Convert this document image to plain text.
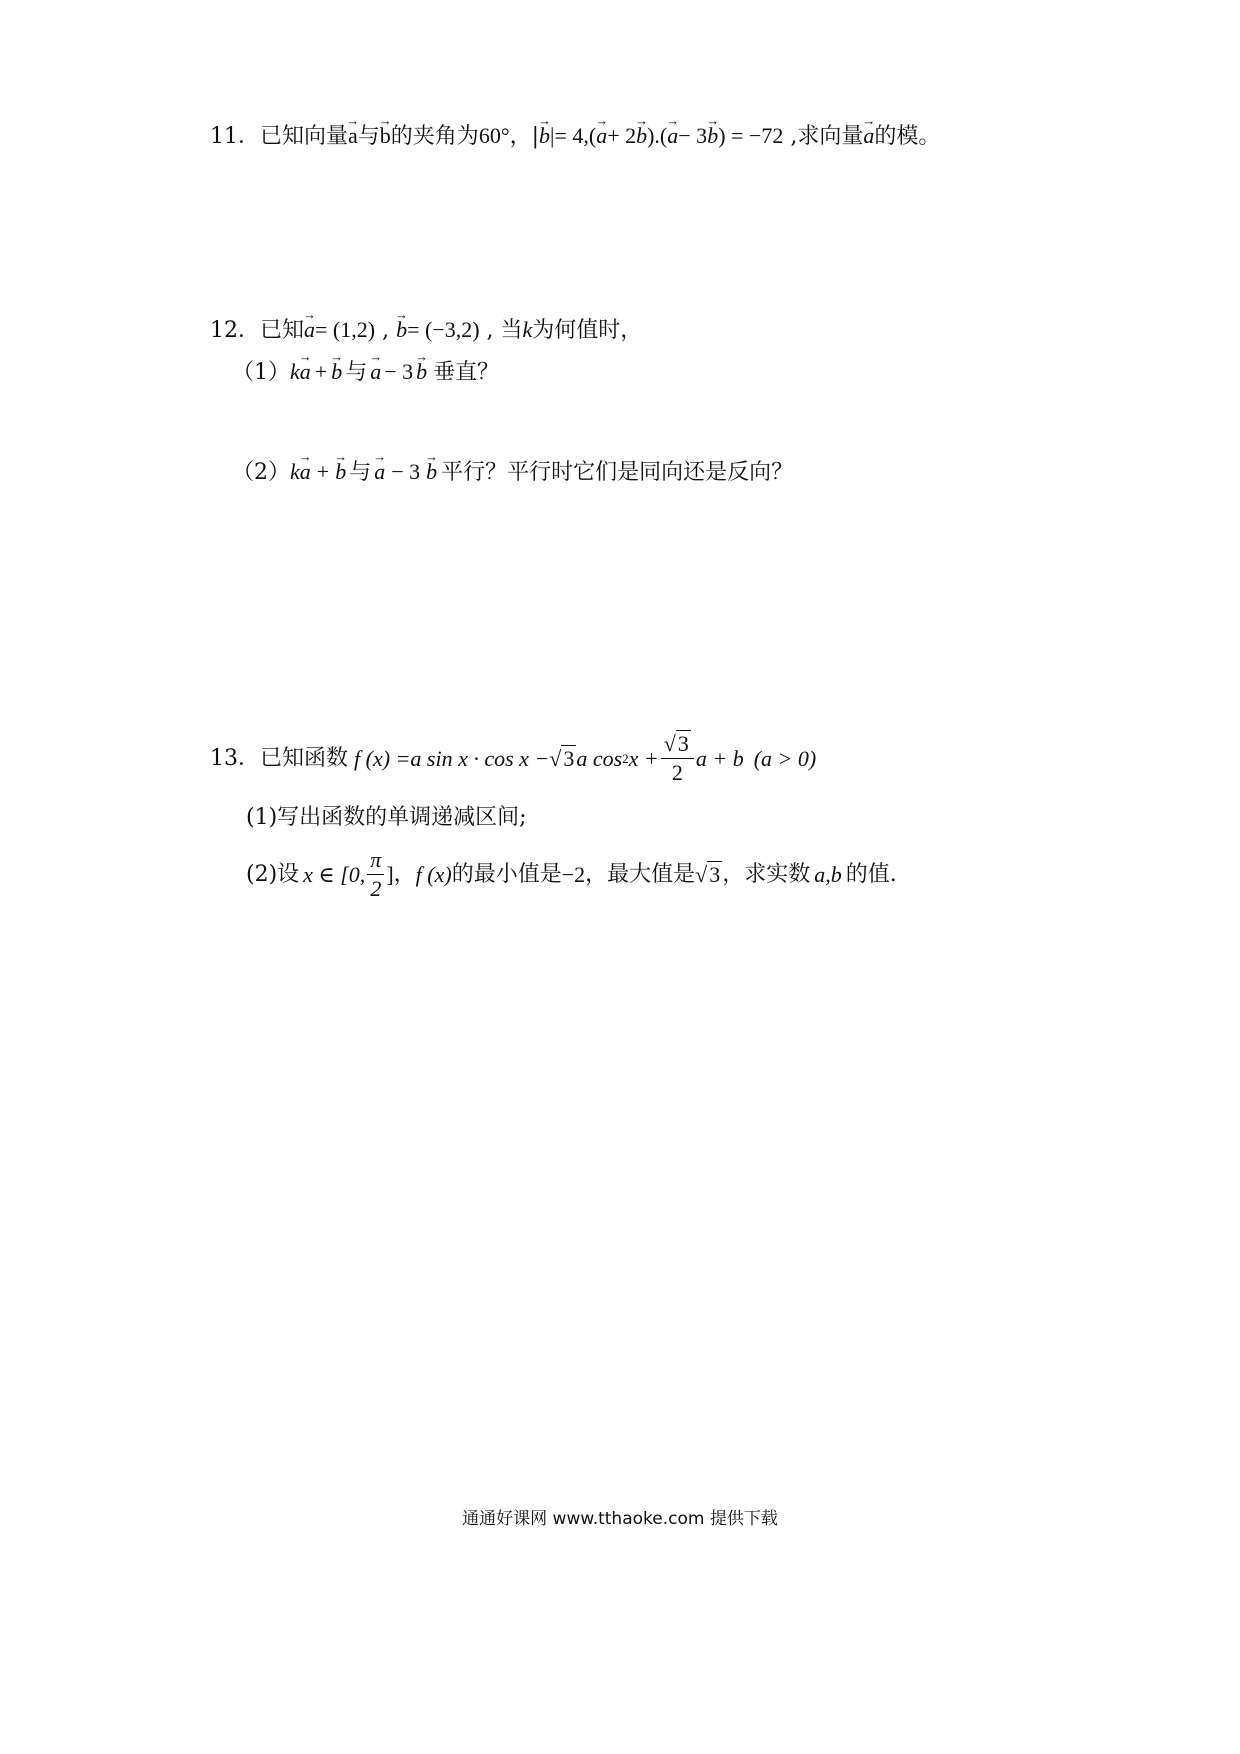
11．已知向量→ a与→ b的夹角为60°，|→ b|= 4,(→ a+ 2→ b).(→ a− 3→ b) = −72 ,求向量→ a的模。
12．已知→ a= (1,2) , → b= (−3,2) , 当k为何值时，
（1）k→ a + → b 与 → a − 3 → b 垂直？
（2）k→ a + → b 与 → a − 3 → b 平行？平行时它们是同向还是反向？
13． 已知函数 f (x) = a sin x · cos x − √3 a cos 2 $x + \frac{√3}{2}$ a + b (a > 0)
(1)写出函数的单调递减区间;
(2)设 x ∈ [0, $\frac{\pi}{2}$ ] ， f (x) 的最小值是 −2 ，最大值是 √3 ，求实数 a,b 的值.
通通好课网 www.tthaoke.com 提供下载
